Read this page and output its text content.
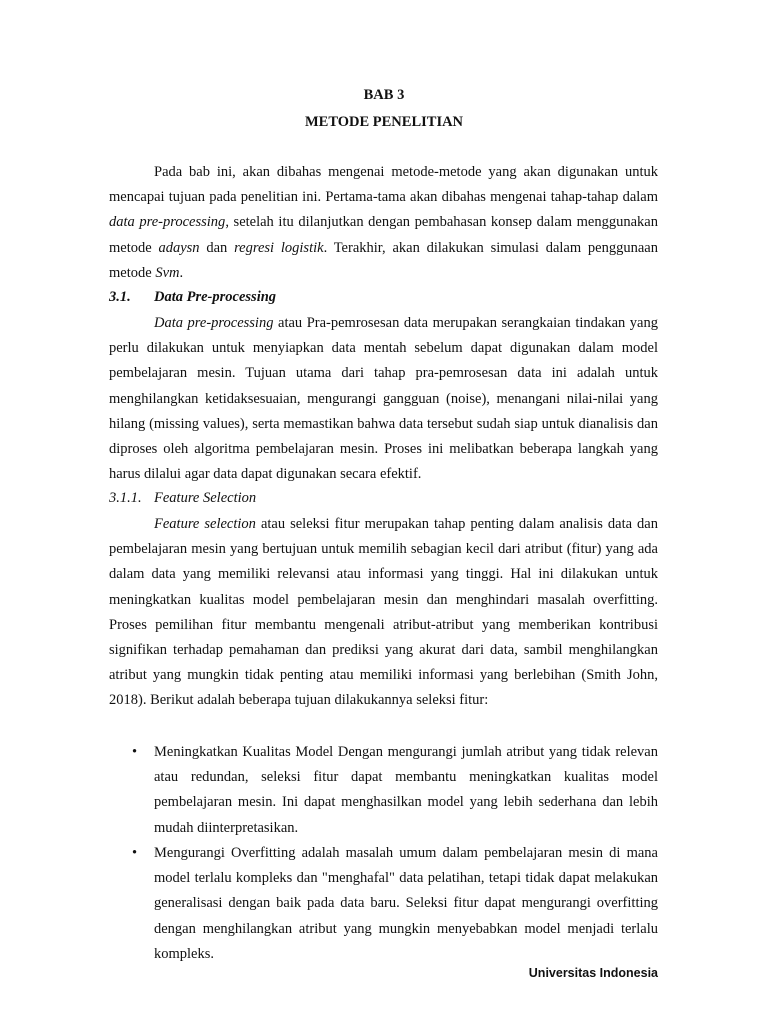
BAB 3
METODE PENELITIAN

Pada bab ini, akan dibahas mengenai metode-metode yang akan digunakan untuk mencapai tujuan pada penelitian ini. Pertama-tama akan dibahas mengenai tahap-tahap dalam data pre-processing, setelah itu dilanjutkan dengan pembahasan konsep dalam menggunakan metode adaysn dan regresi logistik. Terakhir, akan dilakukan simulasi dalam penggunaan metode Svm.

3.1. Data Pre-processing

Data pre-processing atau Pra-pemrosesan data merupakan serangkaian tindakan yang perlu dilakukan untuk menyiapkan data mentah sebelum dapat digunakan dalam model pembelajaran mesin. Tujuan utama dari tahap pra-pemrosesan data ini adalah untuk menghilangkan ketidaksesuaian, mengurangi gangguan (noise), menangani nilai-nilai yang hilang (missing values), serta memastikan bahwa data tersebut sudah siap untuk dianalisis dan diproses oleh algoritma pembelajaran mesin. Proses ini melibatkan beberapa langkah yang harus dilalui agar data dapat digunakan secara efektif.

3.1.1. Feature Selection

Feature selection atau seleksi fitur merupakan tahap penting dalam analisis data dan pembelajaran mesin yang bertujuan untuk memilih sebagian kecil dari atribut (fitur) yang ada dalam data yang memiliki relevansi atau informasi yang tinggi. Hal ini dilakukan untuk meningkatkan kualitas model pembelajaran mesin dan menghindari masalah overfitting. Proses pemilihan fitur membantu mengenali atribut-atribut yang memberikan kontribusi signifikan terhadap pemahaman dan prediksi yang akurat dari data, sambil menghilangkan atribut yang mungkin tidak penting atau memiliki informasi yang berlebihan (Smith John, 2018). Berikut adalah beberapa tujuan dilakukannya seleksi fitur:

• Meningkatkan Kualitas Model Dengan mengurangi jumlah atribut yang tidak relevan atau redundan, seleksi fitur dapat membantu meningkatkan kualitas model pembelajaran mesin. Ini dapat menghasilkan model yang lebih sederhana dan lebih mudah diinterpretasikan.
• Mengurangi Overfitting adalah masalah umum dalam pembelajaran mesin di mana model terlalu kompleks dan "menghafal" data pelatihan, tetapi tidak dapat melakukan generalisasi dengan baik pada data baru. Seleksi fitur dapat mengurangi overfitting dengan menghilangkan atribut yang mungkin menyebabkan model menjadi terlalu kompleks.
Universitas Indonesia
